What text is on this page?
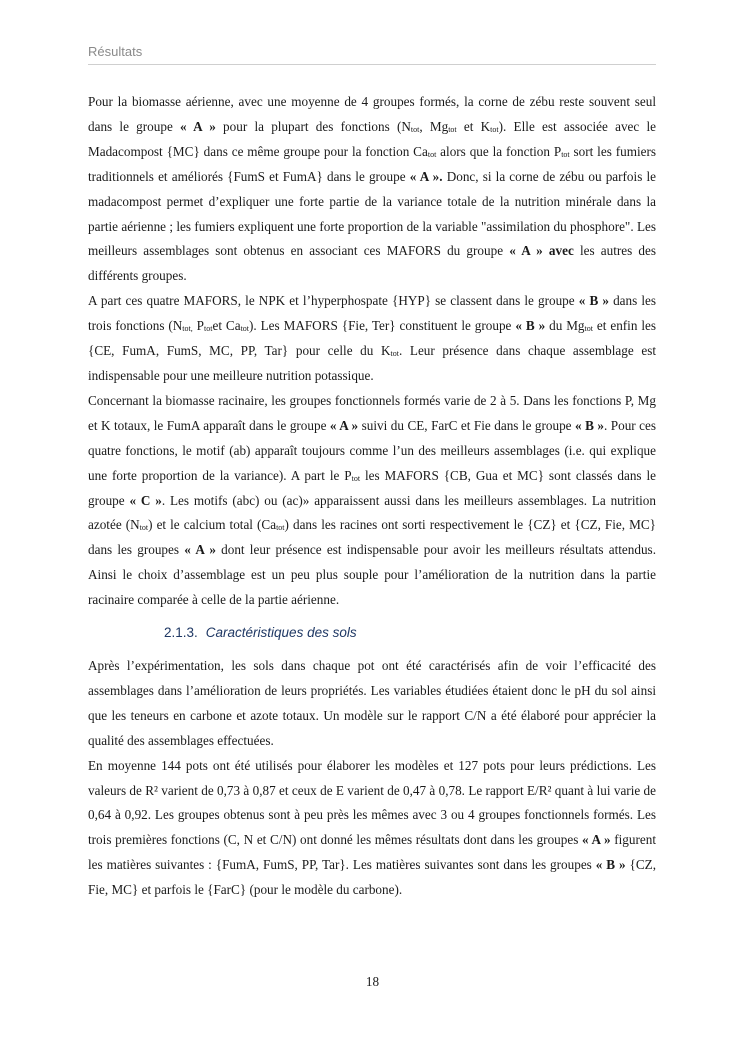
Résultats

Pour la biomasse aérienne, avec une moyenne de 4 groupes formés, la corne de zébu reste souvent seul dans le groupe « A » pour la plupart des fonctions ($N_{tot}$, $Mg_{tot}$ et $K_{tot}$). Elle est associée avec le Madacompost {MC} dans ce même groupe pour la fonction $Ca_{tot}$ alors que la fonction $P_{tot}$ sort les fumiers traditionnels et améliorés {FumS et FumA} dans le groupe « A ». Donc, si la corne de zébu ou parfois le madacompost permet d’expliquer une forte partie de la variance totale de la nutrition minérale dans la partie aérienne ; les fumiers expliquent une forte proportion de la variable "assimilation du phosphore". Les meilleurs assemblages sont obtenus en associant ces MAFORS du groupe « A » avec les autres des différents groupes.

A part ces quatre MAFORS, le NPK et l’hyperphospate {HYP} se classent dans le groupe « B » dans les trois fonctions ($N_{tot,}$ $P_{tot}et$ $Ca_{tot}$). Les MAFORS {Fie, Ter} constituent le groupe « B » du $Mg_{tot}$ et enfin les {CE, FumA, FumS, MC, PP, Tar} pour celle du $K_{tot}$. Leur présence dans chaque assemblage est indispensable pour une meilleure nutrition potassique.

Concernant la biomasse racinaire, les groupes fonctionnels formés varie de 2 à 5. Dans les fonctions P, Mg et K totaux, le FumA apparaît dans le groupe « A » suivi du CE, FarC et Fie dans le groupe « B ». Pour ces quatre fonctions, le motif (ab) apparaît toujours comme l’un des meilleurs assemblages (i.e. qui explique une forte proportion de la variance). A part le $P_{tot}$ les MAFORS {CB, Gua et MC} sont classés dans le groupe « C ». Les motifs (abc) ou (ac)» apparaissent aussi dans les meilleurs assemblages. La nutrition azotée $(N_{tot})$ et le calcium total $(Ca_{tot})$ dans les racines ont sorti respectivement le {CZ} et {CZ, Fie, MC} dans les groupes « A » dont leur présence est indispensable pour avoir les meilleurs résultats attendus. Ainsi le choix d’assemblage est un peu plus souple pour l’amélioration de la nutrition dans la partie racinaire comparée à celle de la partie aérienne.

2.1.3. Caractéristiques des sols

Après l’expérimentation, les sols dans chaque pot ont été caractérisés afin de voir l’efficacité des assemblages dans l’amélioration de leurs propriétés. Les variables étudiées étaient donc le pH du sol ainsi que les teneurs en carbone et azote totaux. Un modèle sur le rapport C/N a été élaboré pour apprécier la qualité des assemblages effectuées.

En moyenne 144 pots ont été utilisés pour élaborer les modèles et 127 pots pour leurs prédictions. Les valeurs de R² varient de 0,73 à 0,87 et ceux de E varient de 0,47 à 0,78. Le rapport E/R² quant à lui varie de 0,64 à 0,92. Les groupes obtenus sont à peu près les mêmes avec 3 ou 4 groupes fonctionnels formés. Les trois premières fonctions (C, N et C/N) ont donné les mêmes résultats dont dans les groupes « A » figurent les matières suivantes : {FumA, FumS, PP, Tar}. Les matières suivantes sont dans les groupes « B » {CZ, Fie, MC} et parfois le {FarC} (pour le modèle du carbone).

18
